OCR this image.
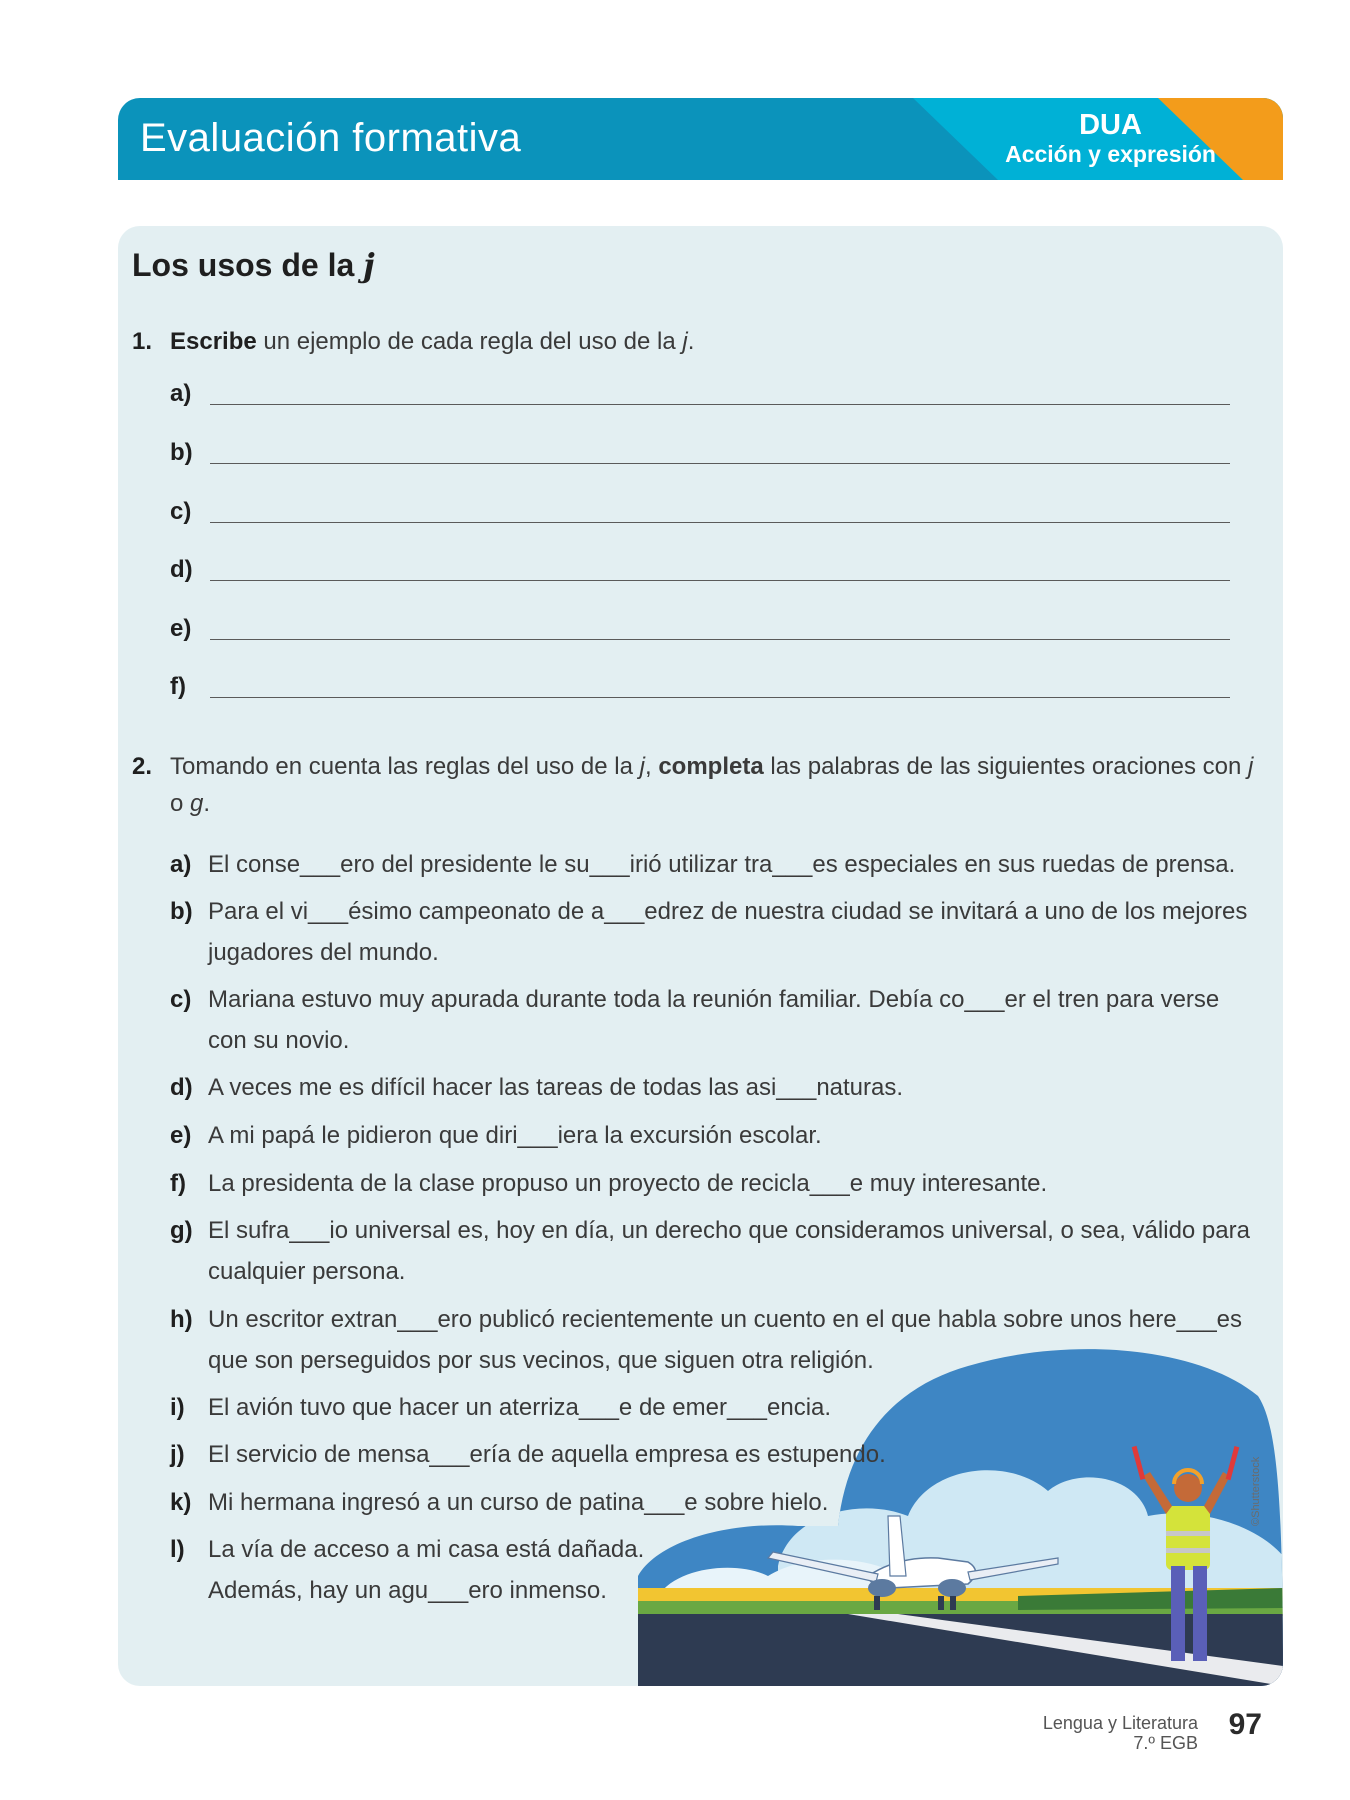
Evaluación formativa	DUA
Acción y expresión
Los usos de la j
1. Escribe un ejemplo de cada regla del uso de la j.
a)
b)
c)
d)
e)
f)
2. Tomando en cuenta las reglas del uso de la j, completa las palabras de las siguientes oraciones con j o g.
©Shutterstock
a) El conse___ero del presidente le su___irió utilizar tra___es especiales en sus ruedas de prensa.
b) Para el vi___ésimo campeonato de a___edrez de nuestra ciudad se invitará a uno de los mejores jugadores del mundo.
c) Mariana estuvo muy apurada durante toda la reunión familiar. Debía co___er el tren para verse con su novio.
d) A veces me es difícil hacer las tareas de todas las asi___naturas.
e) A mi papá le pidieron que diri___iera la excursión escolar.
f) La presidenta de la clase propuso un proyecto de recicla___e muy interesante.
g) El sufra___io universal es, hoy en día, un derecho que consideramos universal, o sea, válido para cualquier persona.
h) Un escritor extran___ero publicó recientemente un cuento en el que habla sobre unos here___es que son perseguidos por sus vecinos, que siguen otra religión.
i) El avión tuvo que hacer un aterriza___e de emer___encia.
j) El servicio de mensa___ería de aquella empresa es estupendo.
k) Mi hermana ingresó a un curso de patina___e sobre hielo.
l) La vía de acceso a mi casa está dañada. Además, hay un agu___ero inmenso.
Lengua y Literatura
7.º EGB
97
